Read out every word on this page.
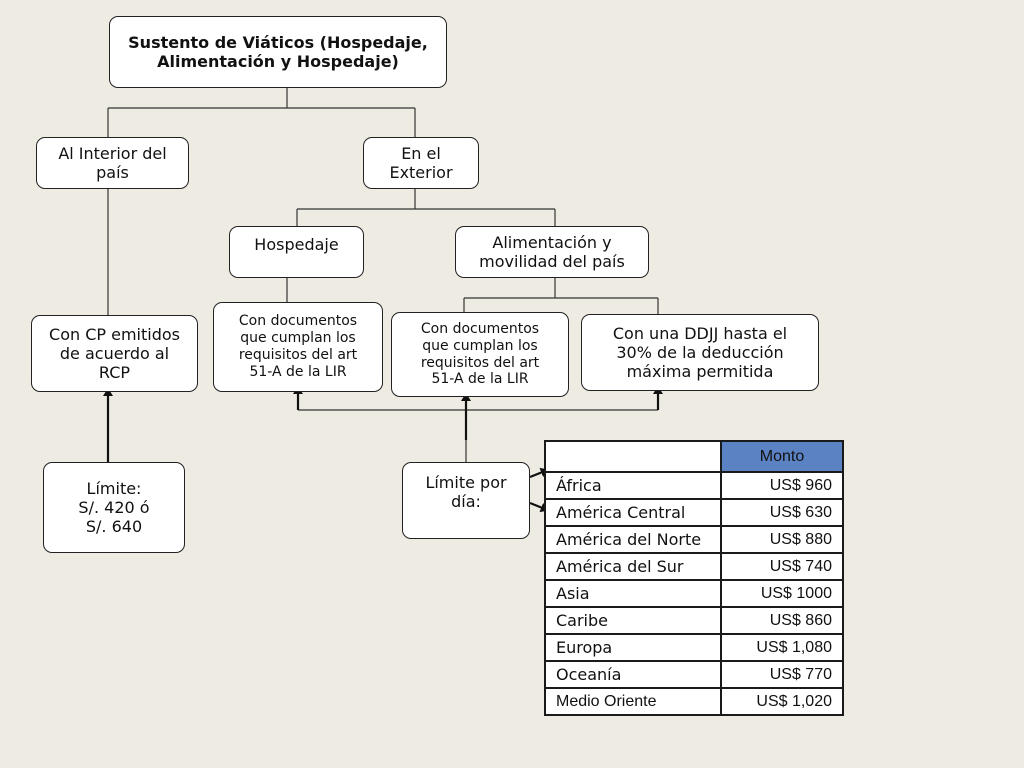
Sustento de Viáticos (Hospedaje, Alimentación y Hospedaje)
Al Interior del país
En el Exterior
Hospedaje	Alimentación y movilidad del país
Con CP emitidos de acuerdo al RCP
Con documentos que cumplan los requisitos del art 51-A de la LIR
Con documentos que cumplan los requisitos del art 51-A de la LIR
Con una DDJJ hasta el 30% de la deducción máxima permitida
Límite:
S/. 420 ó
S/. 640
Límite por día:
	Monto
África	US$ 960
América Central	US$ 630
América del Norte	US$ 880
América del Sur	US$ 740
Asia	US$ 1000
Caribe	US$ 860
Europa	US$ 1,080
Oceanía	US$ 770
Medio Oriente	US$ 1,020
